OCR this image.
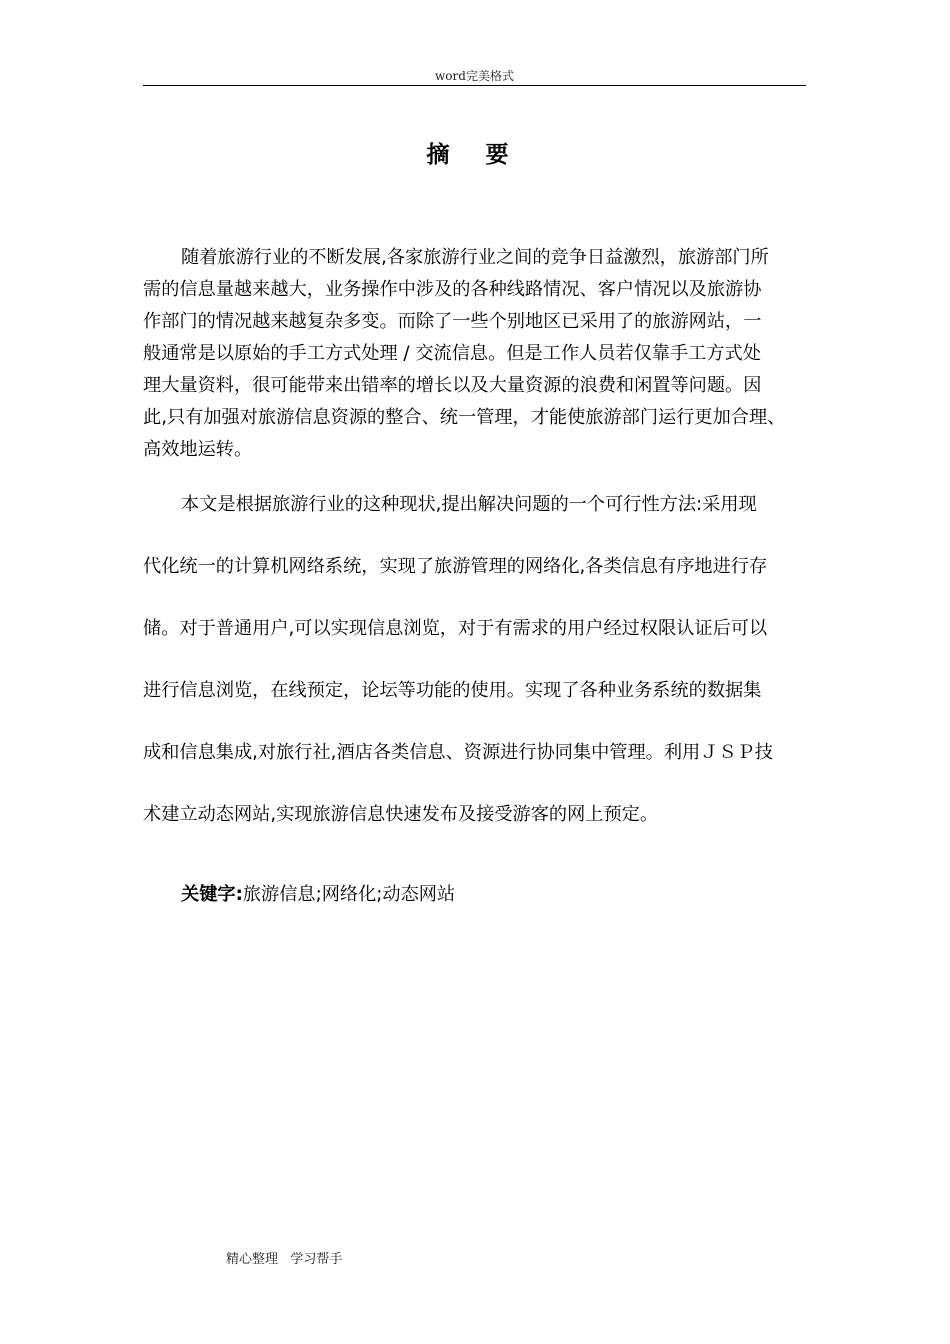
word完美格式
摘 要
随着旅游行业的不断发展,各家旅游行业之间的竞争日益激烈，旅游部门所
需的信息量越来越大，业务操作中涉及的各种线路情况、客户情况以及旅游协
作部门的情况越来越复杂多变。而除了一些个别地区已采用了的旅游网站，一
般通常是以原始的手工方式处理 / 交流信息。但是工作人员若仅靠手工方式处
理大量资料，很可能带来出错率的增长以及大量资源的浪费和闲置等问题。因
此,只有加强对旅游信息资源的整合、统一管理，才能使旅游部门运行更加合理、
高效地运转。
本文是根据旅游行业的这种现状,提出解决问题的一个可行性方法:采用现
代化统一的计算机网络系统，实现了旅游管理的网络化,各类信息有序地进行存
储。对于普通用户,可以实现信息浏览，对于有需求的用户经过权限认证后可以
进行信息浏览，在线预定，论坛等功能的使用。实现了各种业务系统的数据集
成和信息集成,对旅行社,酒店各类信息、资源进行协同集中管理。利用ＪＳＰ技
术建立动态网站,实现旅游信息快速发布及接受游客的网上预定。
关键字:旅游信息;网络化;动态网站
精心整理   学习帮手
